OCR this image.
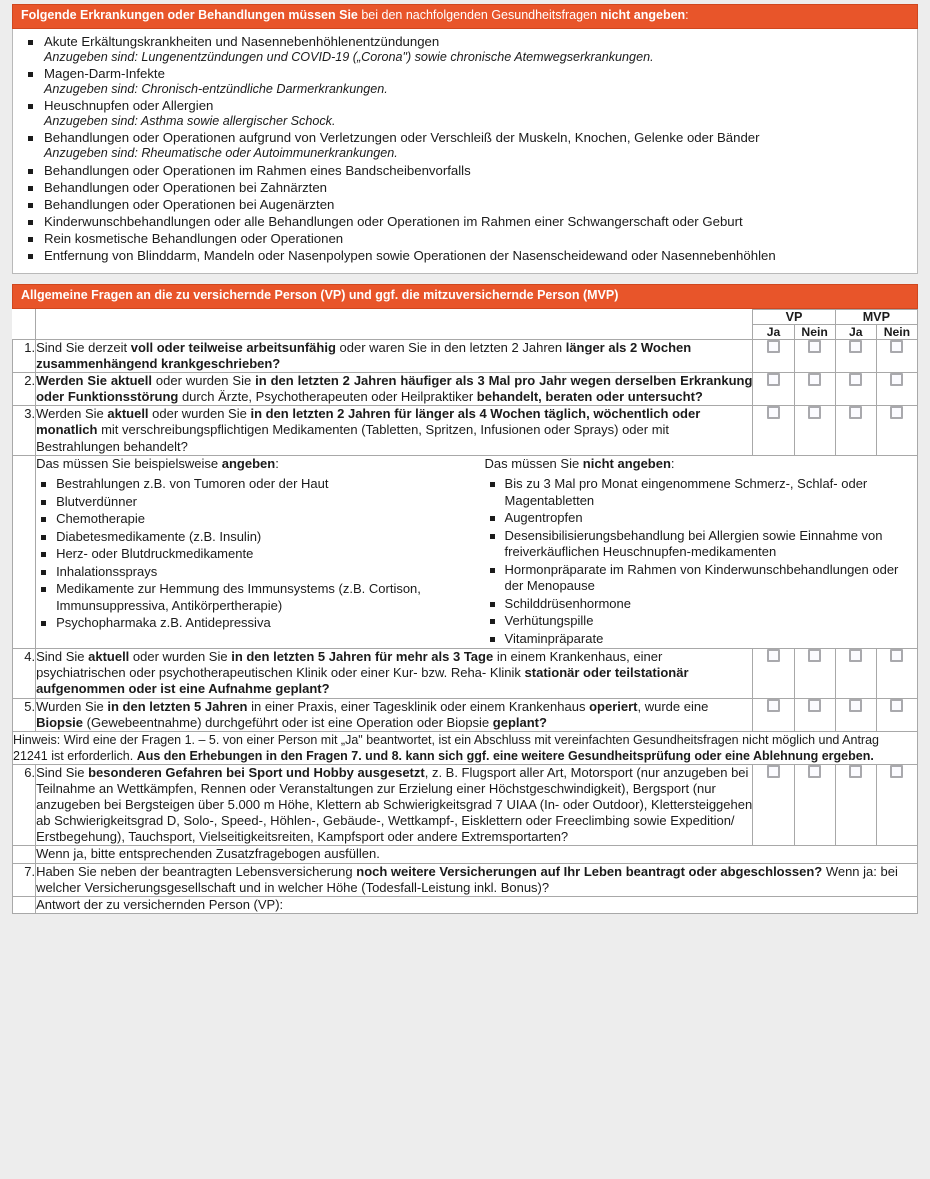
Folgende Erkrankungen oder Behandlungen müssen Sie bei den nachfolgenden Gesundheitsfragen nicht angeben:
Akute Erkältungskrankheiten und Nasennebenhöhlenentzündungen
Anzugeben sind: Lungenentzündungen und COVID-19 („Corona") sowie chronische Atemwegserkrankungen.
Magen-Darm-Infekte
Anzugeben sind: Chronisch-entzündliche Darmerkrankungen.
Heuschnupfen oder Allergien
Anzugeben sind: Asthma sowie allergischer Schock.
Behandlungen oder Operationen aufgrund von Verletzungen oder Verschleiß der Muskeln, Knochen, Gelenke oder Bänder
Anzugeben sind: Rheumatische oder Autoimmunerkrankungen.
Behandlungen oder Operationen im Rahmen eines Bandscheibenvorfalls
Behandlungen oder Operationen bei Zahnärzten
Behandlungen oder Operationen bei Augenärzten
Kinderwunschbehandlungen oder alle Behandlungen oder Operationen im Rahmen einer Schwangerschaft oder Geburt
Rein kosmetische Behandlungen oder Operationen
Entfernung von Blinddarm, Mandeln oder Nasenpolypen sowie Operationen der Nasenscheidewand oder Nasennebenhöhlen
Allgemeine Fragen an die zu versichernde Person (VP) und ggf. die mitzuversichernde Person (MVP)
		VP		MVP	
		Ja	Nein	Ja	Nein
1.	Sind Sie derzeit voll oder teilweise arbeitsunfähig oder waren Sie in den letzten 2 Jahren länger als 2 Wochen zusammenhängend krankgeschrieben?				
2.	Werden Sie aktuell oder wurden Sie in den letzten 2 Jahren häufiger als 3 Mal pro Jahr wegen derselben Erkrankung oder Funktionsstörung durch Ärzte, Psychotherapeuten oder Heilpraktiker behandelt, beraten oder untersucht?				
3.	Werden Sie aktuell oder wurden Sie in den letzten 2 Jahren für länger als 4 Wochen täglich, wöchentlich oder monatlich mit verschreibungspflichtigen Medikamenten (Tabletten, Spritzen, Infusionen oder Sprays) oder mit Bestrahlungen behandelt?				

Das müssen Sie beispielsweise angeben:
Bestrahlungen z.B. von Tumoren oder der Haut
Blutverdünner
Chemotherapie
Diabetesmedikamente (z.B. Insulin)
Herz- oder Blutdruckmedikamente
Inhalationssprays
Medikamente zur Hemmung des Immunsystems (z.B. Cortison, Immunsuppressiva, Antikörpertherapie)
Psychopharmaka z.B. Antidepressiva
Das müssen Sie nicht angeben:
Bis zu 3 Mal pro Monat eingenommene Schmerz-, Schlaf- oder Magentabletten
Augentropfen
Desensibilisierungsbehandlung bei Allergien sowie Einnahme von freiverkäuflichen Heuschnupfen-medikamenten
Hormonpräparate im Rahmen von Kinderwunschbehandlungen oder der Menopause
Schilddrüsenhormone
Verhütungspille
Vitaminpräparate

4.	Sind Sie aktuell oder wurden Sie in den letzten 5 Jahren für mehr als 3 Tage in einem Krankenhaus, einer psychiatrischen oder psychotherapeutischen Klinik oder einer Kur- bzw. Reha- Klinik stationär oder teilstationär aufgenommen oder ist eine Aufnahme geplant?				
5.	Wurden Sie in den letzten 5 Jahren in einer Praxis, einer Tagesklinik oder einem Krankenhaus operiert, wurde eine Biopsie (Gewebeentnahme) durchgeführt oder ist eine Operation oder Biopsie geplant?				
Hinweis: Wird eine der Fragen 1. – 5. von einer Person mit „Ja" beantwortet, ist ein Abschluss mit vereinfachten Gesundheitsfragen nicht möglich und Antrag 21241 ist erforderlich. Aus den Erhebungen in den Fragen 7. und 8. kann sich ggf. eine weitere Gesundheitsprüfung oder eine Ablehnung ergeben.					
6.	Sind Sie besonderen Gefahren bei Sport und Hobby ausgesetzt, z. B. Flugsport aller Art, Motorsport (nur anzugeben bei Teilnahme an Wettkämpfen, Rennen oder Veranstaltungen zur Erzielung einer Höchstgeschwindigkeit), Bergsport (nur anzugeben bei Bergsteigen über 5.000 m Höhe, Klettern ab Schwierigkeitsgrad 7 UIAA (In- oder Outdoor), Klettersteiggehen ab Schwierigkeitsgrad D, Solo-, Speed-, Höhlen-, Gebäude-, Wettkampf-, Eisklettern oder Freeclimbing sowie Expedition/ Erstbegehung), Tauchsport, Vielseitigkeitsreiten, Kampfsport oder andere Extremsportarten?				
	Wenn ja, bitte entsprechenden Zusatzfragebogen ausfüllen.				
7.	Haben Sie neben der beantragten Lebensversicherung noch weitere Versicherungen auf Ihr Leben beantragt oder abgeschlossen? Wenn ja: bei welcher Versicherungsgesellschaft und in welcher Höhe (Todesfall-Leistung inkl. Bonus)?				
	Antwort der zu versichernden Person (VP):				
